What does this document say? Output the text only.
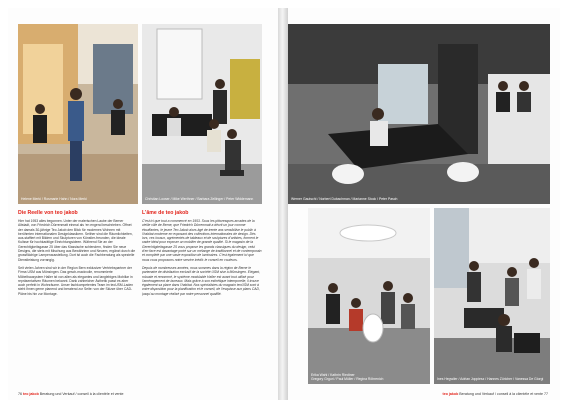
Helene Merki / Rosmarie Hahn / Nora Merki	Christian Looser / Mike Werthner / Barbara Zellinger / Peter Widdemann
Die Reelle von teo jakob	L’âme de teo jakob

Hier hat 1953 alles begonnen. Unter der malerischen Laube der Berner Altstadt, von Friedrich Dürrenmatt einmal als ‘en engend beschrieben. Öffnet der damals 30-jährige Teo Jakob den Blick für modernes Wohnen mit berühmten internationalen Designklassikern. Seither sind die Räumlichkeiten, aus-staffiert mit Bildern und Skulpturen von Künstler-freunden, die ideale Kulisse für hochkarätige Einrichtungsideen. Während Sie an der Gerechtigkeitsgasse 25 über das Klassische schlendern, finden Sie neue Designs, die stets mit Mischung aus Bewährtem und Neuem, ergänzt durch die grossflächige Lampenausstellung. Dort ist auch die Fachberatung als spezielle Dienstleistung vorrangig.

Seit vielen Jahren sind wir in der Region Bern exklusiver Vertriebspartner der Firma USM aus Münsingen. Das gesch-mackvolle, renommierte Möbelbausystem Haller ist von allen als elegantes und langlebiges Mobiliar in repräsentativen Räumen bekannt. Dank zahlreicher Ästhetik passt es aber auch perfekt in Wohnräume. Unser fachkompetentes Team im teoUSM-Laden steht Ihnen gerne planend und beratend zur Seite: von der Skizze über CAD-Pläne bis hin zur Montage.

C’est ici que tout a commencé en 1953. Sous les pittoresques arcades de la vieille ville de Berne, que Friedrich Dürrenmatt a décrit un jour comme étouffantes, le jeune Teo Jakob alors âgé de trente ans sensibilise le public à l’habitat moderne en exposant des collections internationales de design. Dès lors, ces locaux, agrémentés de tableaux et de sculptures d’artistes, forment le cadre idéal pour exposer un mobilier de grande qualité. Si le magasin de la Gerechtigkeitsgasse 25 vous propose les grands classiques du design, celui d’en face est davantage porté sur un mélange de traditionnel et de contemporain et complété par une vaste exposition de luminaires. C’est également ici que nous vous proposons notre service inédit: le conseil en couleurs.

Depuis de nombreuses années, nous sommes dans la région de Berne le partenaire de distribution exclusif de la société USM sise à Münsingen. Elégant, robuste et renommé, le système modulable Haller est avant tout utilisé pour l’aménagement de bureaux. Mais grâce à son esthétique intemporelle, il trouve également sa place dans l’habitat. Nos spécialistes du magasin teoUSM sont à votre disposition pour la planification et le conseil, de l’esquisse aux plans CAD, jusqu’au montage réalisé par notre personnel qualifié.

76 teo jakob Beratung und Verkauf / conseil à la clientèle et vente
Werner Gautschi / Norbert Dubachman / Marianne Stock / Peter Pasch
Erika Wahl / Kathrin Riedtner
Gregory Grguri / Paul Müller / Regina Röhrenich	Ines Hegwiler / Adrian Joppiesz / Hannes Züricher / Vanessa De Giorgi
teo jakob Beratung und Verkauf / conseil à la clientèle et vente 77
